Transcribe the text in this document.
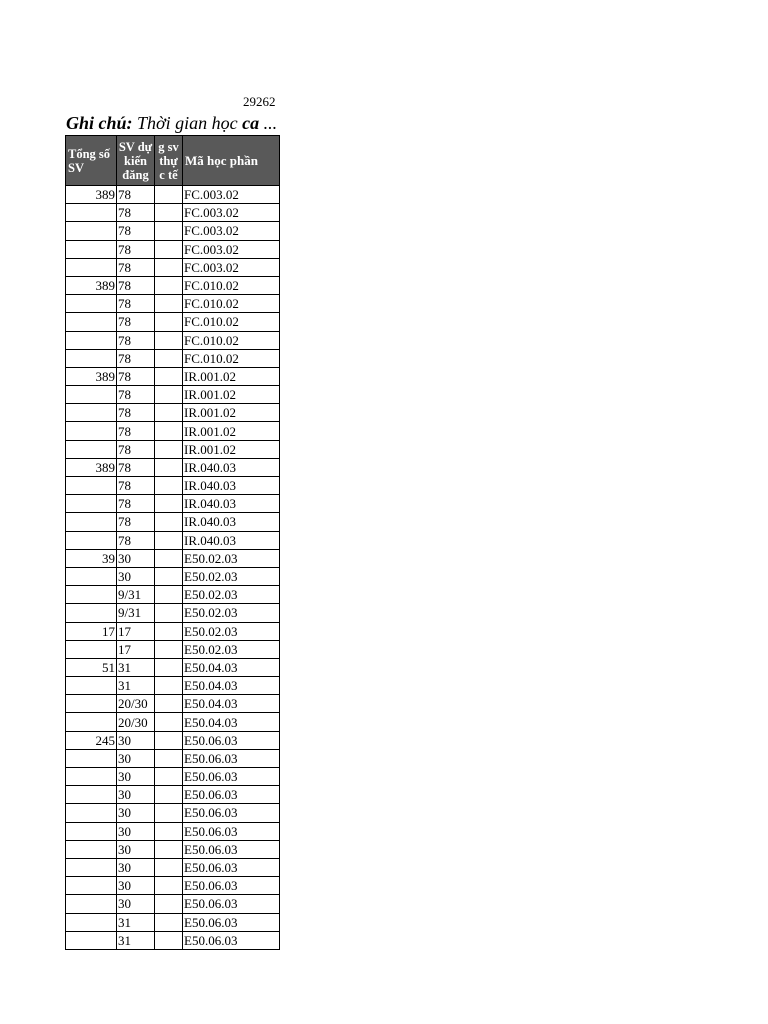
29262
Ghi chú: Thời gian học ca ...
Tổng số SV	SV dự kiến đăng	g sv thự c tế	Mã học phần
389	78		FC.003.02
	78		FC.003.02
	78		FC.003.02
	78		FC.003.02
	78		FC.003.02
389	78		FC.010.02
	78		FC.010.02
	78		FC.010.02
	78		FC.010.02
	78		FC.010.02
389	78		IR.001.02
	78		IR.001.02
	78		IR.001.02
	78		IR.001.02
	78		IR.001.02
389	78		IR.040.03
	78		IR.040.03
	78		IR.040.03
	78		IR.040.03
	78		IR.040.03
39	30		E50.02.03
	30		E50.02.03
	9/31		E50.02.03
	9/31		E50.02.03
17	17		E50.02.03
	17		E50.02.03
51	31		E50.04.03
	31		E50.04.03
	20/30		E50.04.03
	20/30		E50.04.03
245	30		E50.06.03
	30		E50.06.03
	30		E50.06.03
	30		E50.06.03
	30		E50.06.03
	30		E50.06.03
	30		E50.06.03
	30		E50.06.03
	30		E50.06.03
	30		E50.06.03
	31		E50.06.03
	31		E50.06.03
